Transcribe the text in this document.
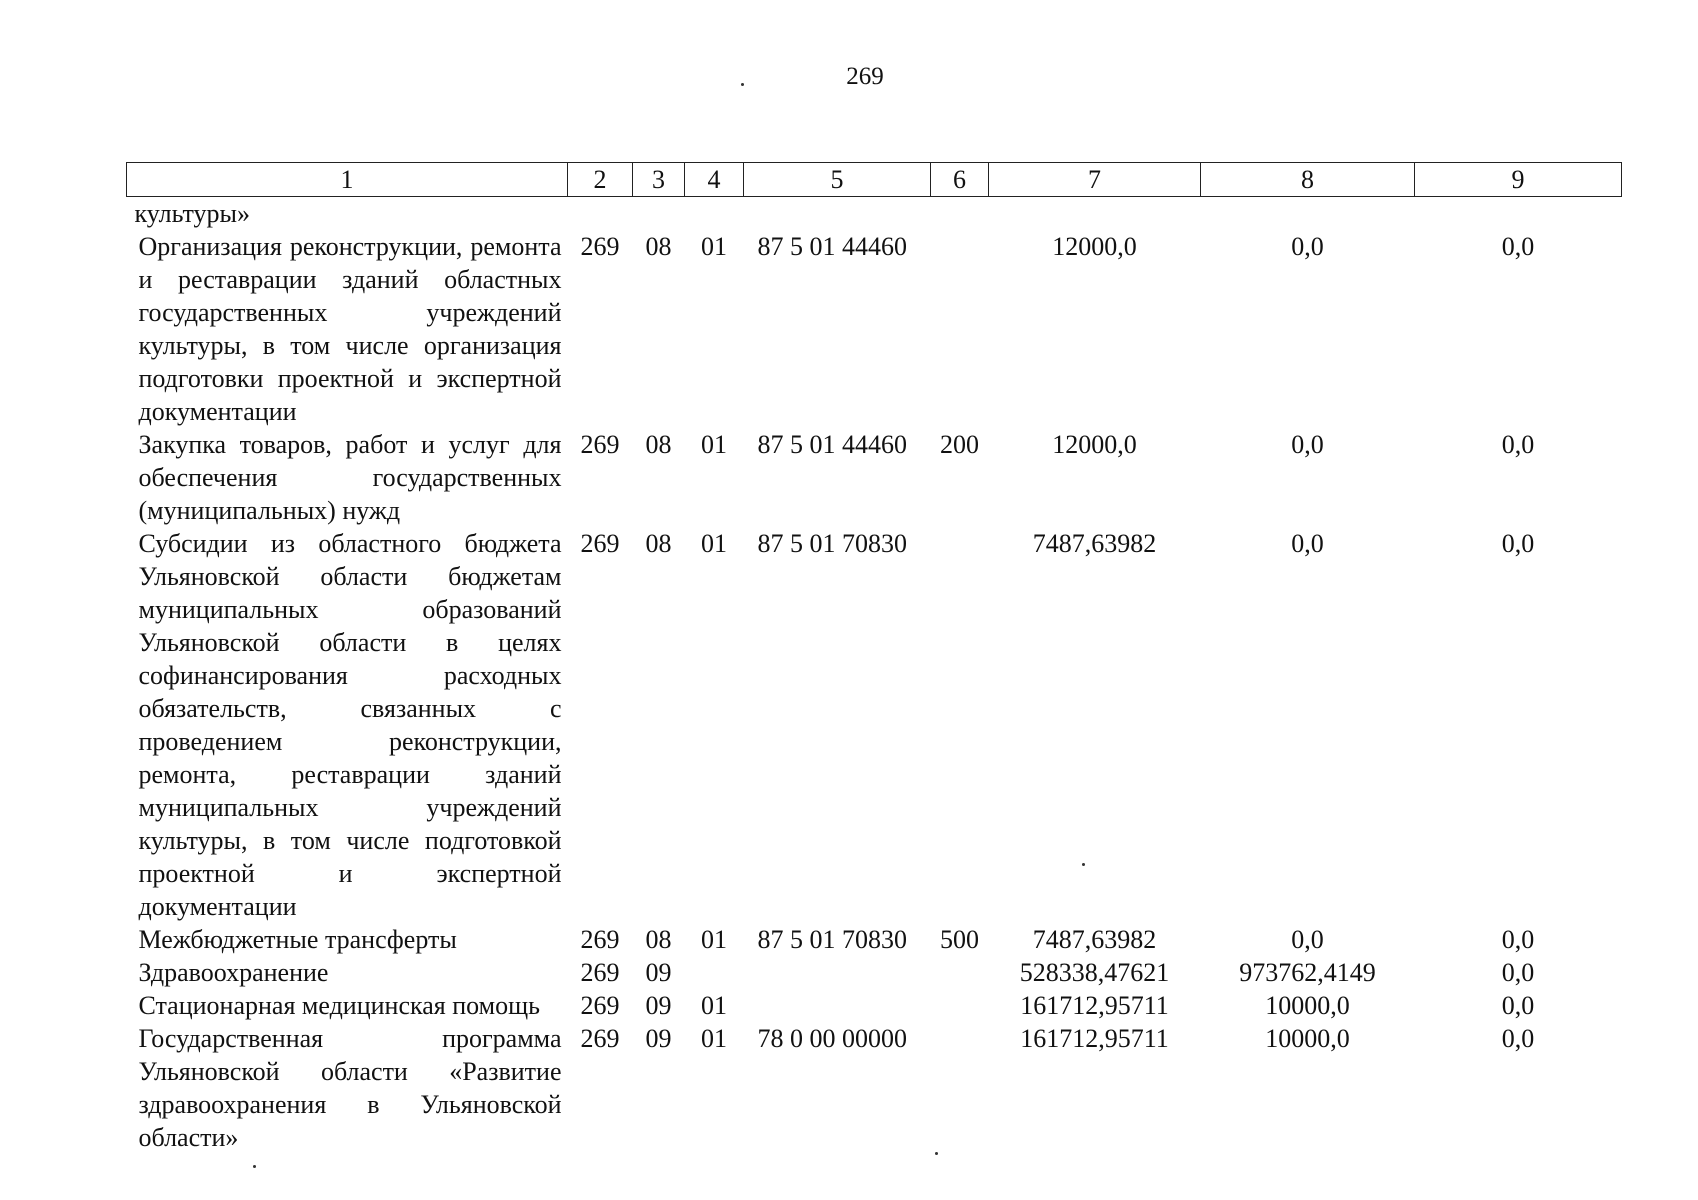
269
1	2	3	4	5	6	7	8	9
культуры»								
Организация реконструкции, ремонта и реставрации зданий областных государственных учреждений культуры, в том числе организация подготовки проектной и экспертной документации	269	08	01	87 5 01 44460		12000,0	0,0	0,0
Закупка товаров, работ и услуг для обеспечения государственных (муниципальных) нужд	269	08	01	87 5 01 44460	200	12000,0	0,0	0,0
Субсидии из областного бюджета Ульяновской области бюджетам муниципальных образований Ульяновской области в целях софинансирования расходных обязательств, связанных с проведением реконструкции, ремонта, реставрации зданий муниципальных учреждений культуры, в том числе подготовкой проектной и экспертной документации	269	08	01	87 5 01 70830		7487,63982	0,0	0,0
Межбюджетные трансферты	269	08	01	87 5 01 70830	500	7487,63982	0,0	0,0
Здравоохранение	269	09				528338,47621	973762,4149	0,0
Стационарная медицинская помощь	269	09	01			161712,95711	10000,0	0,0
Государственная программа Ульяновской области «Развитие здравоохранения в Ульяновской области»	269	09	01	78 0 00 00000		161712,95711	10000,0	0,0
